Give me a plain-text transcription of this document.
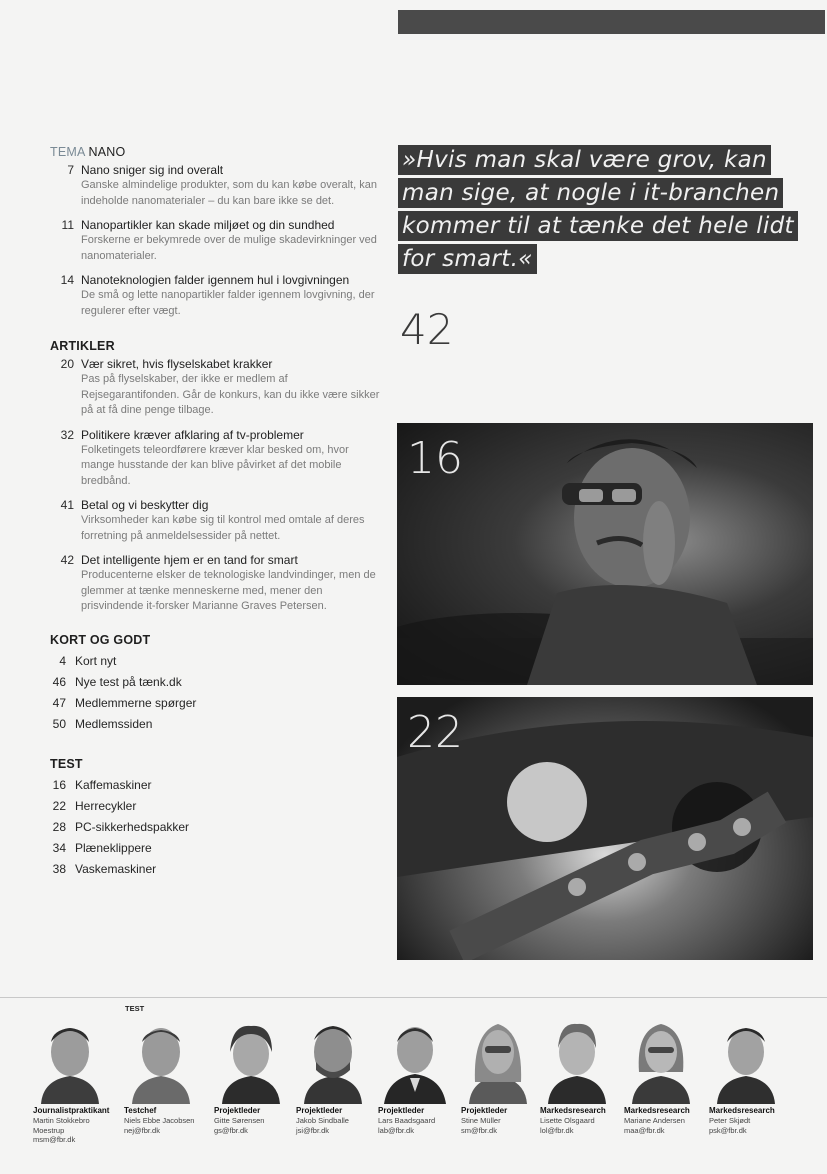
TEMA NANO
7 Nano sniger sig ind overalt
Ganske almindelige produkter, som du kan købe overalt, kan indeholde nanomaterialer – du kan bare ikke se det.
11 Nanopartikler kan skade miljøet og din sundhed
Forskerne er bekymrede over de mulige skadevirkninger ved nanomaterialer.
14 Nanoteknologien falder igennem hul i lovgivningen
De små og lette nanopartikler falder igennem lovgivning, der regulerer efter vægt.
ARTIKLER
20 Vær sikret, hvis flyselskabet krakker
Pas på flyselskaber, der ikke er medlem af Rejsegarantifonden. Går de konkurs, kan du ikke være sikker på at få dine penge tilbage.
32 Politikere kræver afklaring af tv-problemer
Folketingets teleordførere kræver klar besked om, hvor mange husstande der kan blive påvirket af det mobile bredbånd.
41 Betal og vi beskytter dig
Virksomheder kan købe sig til kontrol med omtale af deres forretning på anmeldelsessider på nettet.
42 Det intelligente hjem er en tand for smart
Producenterne elsker de teknologiske landvindinger, men de glemmer at tænke menneskerne med, mener den prisvindende it-forsker Marianne Graves Petersen.
KORT OG GODT
4 Kort nyt
46 Nye test på tænk.dk
47 Medlemmerne spørger
50 Medlemssiden
TEST
16 Kaffemaskiner
22 Herrecykler
28 PC-sikkerhedspakker
34 Plæneklippere
38 Vaskemaskiner
»Hvis man skal være grov, kan
man sige, at nogle i it-branchen
kommer til at tænke det hele lidt
for smart.«
42
16
22
TEST
Journalistpraktikant
Martin Stokkebro
Moestrup
msm@fbr.dk
Testchef
Niels Ebbe Jacobsen
nej@fbr.dk
Projektleder
Gitte Sørensen
gs@fbr.dk
Projektleder
Jakob Sindballe
jsi@fbr.dk
Projektleder
Lars Baadsgaard
lab@fbr.dk
Projektleder
Stine Müller
sm@fbr.dk
Markedsresearch
Lisette Olsgaard
lol@fbr.dk
Markedsresearch
Mariane Andersen
maa@fbr.dk
Markedsresearch
Peter Skjødt
psk@fbr.dk
